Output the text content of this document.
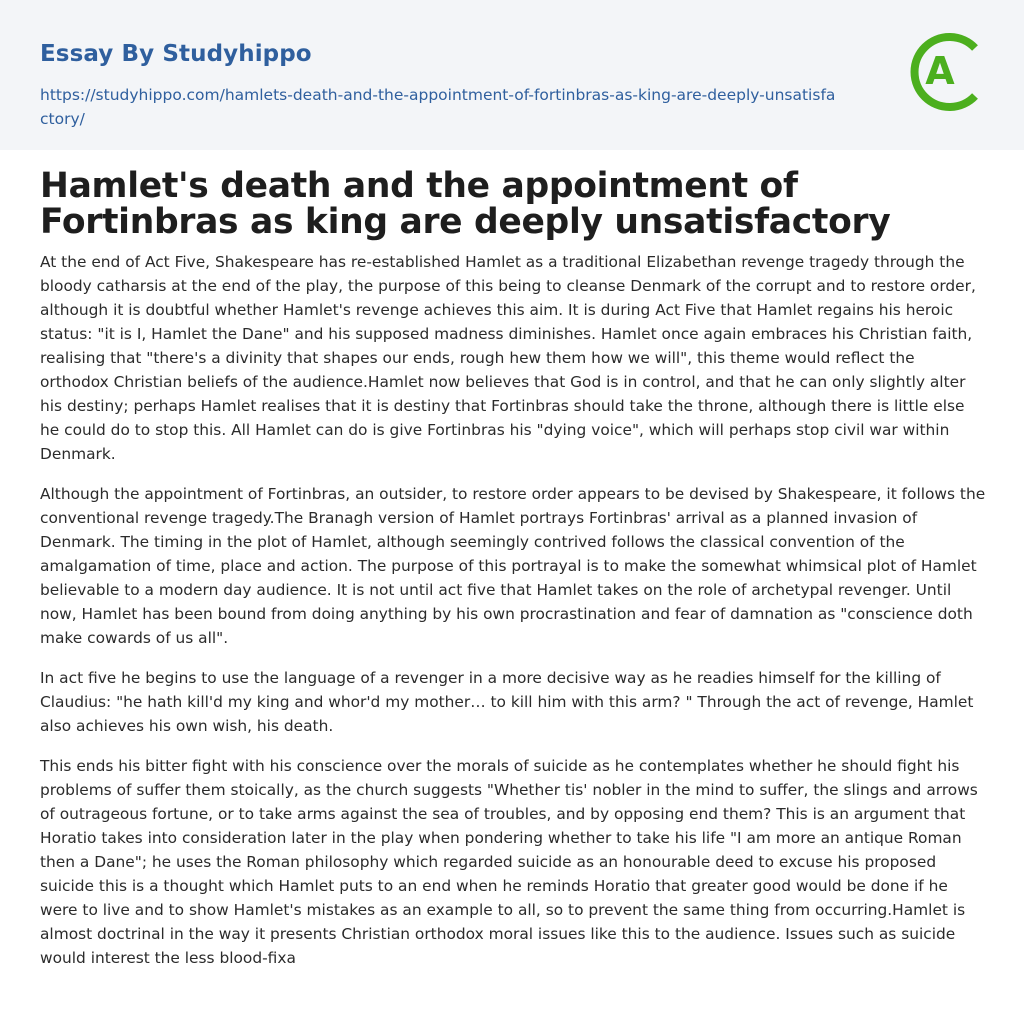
Essay By Studyhippo
https://studyhippo.com/hamlets-death-and-the-appointment-of-fortinbras-as-king-are-deeply-unsatisfactory/
A
Hamlet's death and the appointment of Fortinbras as king are deeply unsatisfactory

At the end of Act Five, Shakespeare has re-established Hamlet as a traditional Elizabethan revenge tragedy through the bloody catharsis at the end of the play, the purpose of this being to cleanse Denmark of the corrupt and to restore order, although it is doubtful whether Hamlet's revenge achieves this aim. It is during Act Five that Hamlet regains his heroic status: "it is I, Hamlet the Dane" and his supposed madness diminishes. Hamlet once again embraces his Christian faith, realising that "there's a divinity that shapes our ends, rough hew them how we will", this theme would reflect the orthodox Christian beliefs of the audience.Hamlet now believes that God is in control, and that he can only slightly alter his destiny; perhaps Hamlet realises that it is destiny that Fortinbras should take the throne, although there is little else he could do to stop this. All Hamlet can do is give Fortinbras his "dying voice", which will perhaps stop civil war within Denmark.

Although the appointment of Fortinbras, an outsider, to restore order appears to be devised by Shakespeare, it follows the conventional revenge tragedy.The Branagh version of Hamlet portrays Fortinbras' arrival as a planned invasion of Denmark. The timing in the plot of Hamlet, although seemingly contrived follows the classical convention of the amalgamation of time, place and action. The purpose of this portrayal is to make the somewhat whimsical plot of Hamlet believable to a modern day audience. It is not until act five that Hamlet takes on the role of archetypal revenger. Until now, Hamlet has been bound from doing anything by his own procrastination and fear of damnation as "conscience doth make cowards of us all".

In act five he begins to use the language of a revenger in a more decisive way as he readies himself for the killing of Claudius: "he hath kill'd my king and whor'd my mother… to kill him with this arm? " Through the act of revenge, Hamlet also achieves his own wish, his death.

This ends his bitter fight with his conscience over the morals of suicide as he contemplates whether he should fight his problems of suffer them stoically, as the church suggests "Whether tis' nobler in the mind to suffer, the slings and arrows of outrageous fortune, or to take arms against the sea of troubles, and by opposing end them? This is an argument that Horatio takes into consideration later in the play when pondering whether to take his life "I am more an antique Roman then a Dane"; he uses the Roman philosophy which regarded suicide as an honourable deed to excuse his proposed suicide this is a thought which Hamlet puts to an end when he reminds Horatio that greater good would be done if he were to live and to show Hamlet's mistakes as an example to all, so to prevent the same thing from occurring.Hamlet is almost doctrinal in the way it presents Christian orthodox moral issues like this to the audience. Issues such as suicide would interest the less blood-fixa
